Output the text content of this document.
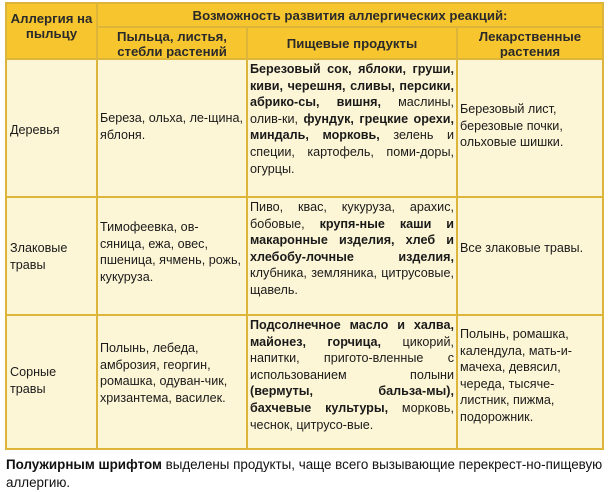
Аллергия на пыльцу
Возможность развития аллергических реакций:
Пыльца, листья, стебли растений
Пищевые продукты	Лекарственные растения
Деревья
Береза, ольха, ле-щина, яблоня.
Березовый сок, яблоки, груши, киви, черешня, сливы, персики, абрико-сы, вишня, маслины, олив-ки, фундук, грецкие орехи, миндаль, морковь, зелень и специи, картофель, поми-доры, огурцы.
Березовый лист, березовые почки, ольховые шишки.
Злаковые травы
Тимофеевка, ов-сяница, ежа, овес, пшеница, ячмень, рожь, кукуруза.
Пиво, квас, кукуруза, арахис, бобовые, крупя-ные каши и макаронные изделия, хлеб и хлебобу-лочные изделия, клубника, земляника, цитрусовые, щавель.
Все злаковые травы.
Сорные травы
Полынь, лебеда, амброзия, георгин, ромашка, одуван-чик, хризантема, василек.
Подсолнечное масло и халва, майонез, горчица, цикорий, напитки, пригото-вленные с использованием полыни (вермуты, бальза-мы), бахчевые культуры, морковь, чеснок, цитрусо-вые.
Полынь, ромашка, календула, мать-и-мачеха, девясил, череда, тысяче-листник, пижма, подорожник.
Полужирным шрифтом выделены продукты, чаще всего вызывающие перекрест-но-пищевую аллергию.
